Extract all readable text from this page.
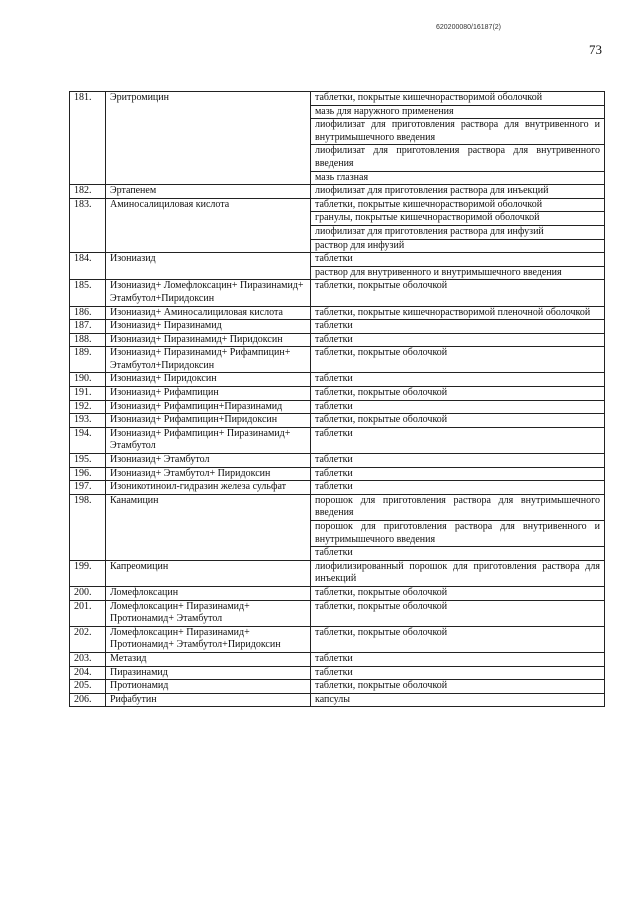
620200080/16187(2)
73
181.	Эритромицин	таблетки, покрытые кишечнорастворимой оболочкой
мазь для наружного применения
лиофилизат для приготовления раствора для внутривенного и внутримышечного введения
лиофилизат для приготовления раствора для внутривенного введения
мазь глазная

182.	Эртапенем	лиофилизат для приготовления раствора для инъекций

183.	Аминосалициловая кислота	таблетки, покрытые кишечнорастворимой оболочкой
гранулы, покрытые кишечнорастворимой оболочкой
лиофилизат для приготовления раствора для инфузий
раствор для инфузий

184.	Изониазид	таблетки
раствор для внутривенного и внутримышечного введения

185.	Изониазид+ Ломефлоксацин+ Пиразинамид+ Этамбутол+Пиридоксин	таблетки, покрытые оболочкой

186.	Изониазид+ Аминосалициловая кислота	таблетки, покрытые кишечнорастворимой пленочной оболочкой

187.	Изониазид+ Пиразинамид	таблетки

188.	Изониазид+ Пиразинамид+ Пиридоксин	таблетки

189.	Изониазид+ Пиразинамид+ Рифампицин+ Этамбутол+Пиридоксин	таблетки, покрытые оболочкой

190.	Изониазид+ Пиридоксин	таблетки

191.	Изониазид+ Рифампицин	таблетки, покрытые оболочкой

192.	Изониазид+ Рифампицин+Пиразинамид	таблетки

193.	Изониазид+ Рифампицин+Пиридоксин	таблетки, покрытые оболочкой

194.	Изониазид+ Рифампицин+ Пиразинамид+ Этамбутол	таблетки

195.	Изониазид+ Этамбутол	таблетки

196.	Изониазид+ Этамбутол+ Пиридоксин	таблетки

197.	Изоникотиноил-гидразин железа сульфат	таблетки

198.	Канамицин	порошок для приготовления раствора для внутримышечного введения
порошок для приготовления раствора для внутривенного и внутримышечного введения
таблетки

199.	Капреомицин	лиофилизированный порошок для приготовления раствора для инъекций

200.	Ломефлоксацин	таблетки, покрытые оболочкой

201.	Ломефлоксацин+ Пиразинамид+ Протионамид+ Этамбутол	таблетки, покрытые оболочкой

202.	Ломефлоксацин+ Пиразинамид+ Протионамид+ Этамбутол+Пиридоксин	таблетки, покрытые оболочкой

203.	Метазид	таблетки

204.	Пиразинамид	таблетки

205.	Протионамид	таблетки, покрытые оболочкой

206.	Рифабутин	капсулы
